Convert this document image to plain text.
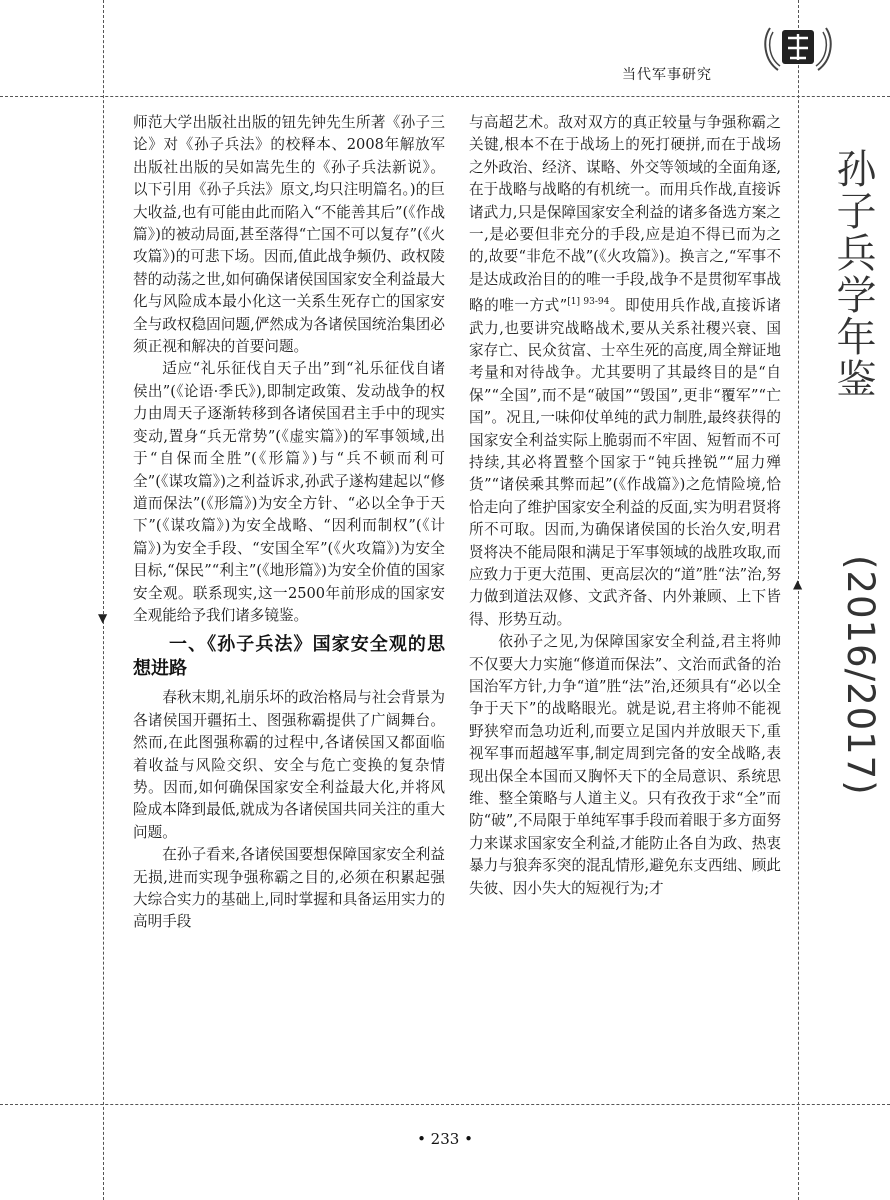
▼
▲
当代军事研究
孙子兵学年鉴
(2016/2017)

师范大学出版社出版的钮先钟先生所著《孙子三论》对《孙子兵法》的校释本、2008年解放军出版社出版的吴如嵩先生的《孙子兵法新说》。以下引用《孙子兵法》原文,均只注明篇名。)的巨大收益,也有可能由此而陷入“不能善其后”(《作战篇》)的被动局面,甚至落得“亡国不可以复存”(《火攻篇》)的可悲下场。因而,值此战争频仍、政权陵替的动荡之世,如何确保诸侯国国家安全利益最大化与风险成本最小化这一关系生死存亡的国家安全与政权稳固问题,俨然成为各诸侯国统治集团必须正视和解决的首要问题。

适应“礼乐征伐自天子出”到“礼乐征伐自诸侯出”(《论语·季氏》),即制定政策、发动战争的权力由周天子逐渐转移到各诸侯国君主手中的现实变动,置身“兵无常势”(《虚实篇》)的军事领域,出于“自保而全胜”(《形篇》)与“兵不顿而利可全”(《谋攻篇》)之利益诉求,孙武子遂构建起以“修道而保法”(《形篇》)为安全方针、“必以全争于天下”(《谋攻篇》)为安全战略、“因利而制权”(《计篇》)为安全手段、“安国全军”(《火攻篇》)为安全目标,“保民”“利主”(《地形篇》)为安全价值的国家安全观。联系现实,这一2500年前形成的国家安全观能给予我们诸多镜鉴。

一、《孙子兵法》国家安全观的思想进路

春秋末期,礼崩乐坏的政治格局与社会背景为各诸侯国开疆拓土、图强称霸提供了广阔舞台。然而,在此图强称霸的过程中,各诸侯国又都面临着收益与风险交织、安全与危亡变换的复杂情势。因而,如何确保国家安全利益最大化,并将风险成本降到最低,就成为各诸侯国共同关注的重大问题。

在孙子看来,各诸侯国要想保障国家安全利益无损,进而实现争强称霸之目的,必须在积累起强大综合实力的基础上,同时掌握和具备运用实力的高明手段

与高超艺术。敌对双方的真正较量与争强称霸之关键,根本不在于战场上的死打硬拼,而在于战场之外政治、经济、谋略、外交等领域的全面角逐,在于战略与战略的有机统一。而用兵作战,直接诉诸武力,只是保障国家安全利益的诸多备选方案之一,是必要但非充分的手段,应是迫不得已而为之的,故要“非危不战”(《火攻篇》)。换言之,“军事不是达成政治目的的唯一手段,战争不是贯彻军事战略的唯一方式”$^{[1] 93-94}$。即使用兵作战,直接诉诸武力,也要讲究战略战术,要从关系社稷兴衰、国家存亡、民众贫富、士卒生死的高度,周全辩证地考量和对待战争。尤其要明了其最终目的是“自保”“全国”,而不是“破国”“毁国”,更非“覆军”“亡国”。况且,一味仰仗单纯的武力制胜,最终获得的国家安全利益实际上脆弱而不牢固、短暂而不可持续,其必将置整个国家于“钝兵挫锐”“屈力殚货”“诸侯乘其弊而起”(《作战篇》)之危情险境,恰恰走向了维护国家安全利益的反面,实为明君贤将所不可取。因而,为确保诸侯国的长治久安,明君贤将决不能局限和满足于军事领域的战胜攻取,而应致力于更大范围、更高层次的“道”胜“法”治,努力做到道法双修、文武齐备、内外兼顾、上下皆得、形势互动。

依孙子之见,为保障国家安全利益,君主将帅不仅要大力实施“修道而保法”、文治而武备的治国治军方针,力争“道”胜“法”治,还须具有“必以全争于天下”的战略眼光。就是说,君主将帅不能视野狭窄而急功近利,而要立足国内并放眼天下,重视军事而超越军事,制定周到完备的安全战略,表现出保全本国而又胸怀天下的全局意识、系统思维、整全策略与人道主义。只有孜孜于求“全”而防“破”,不局限于单纯军事手段而着眼于多方面努力来谋求国家安全利益,才能防止各自为政、热衷暴力与狼奔豕突的混乱情形,避免东支西绌、顾此失彼、因小失大的短视行为;才

• 233 •
